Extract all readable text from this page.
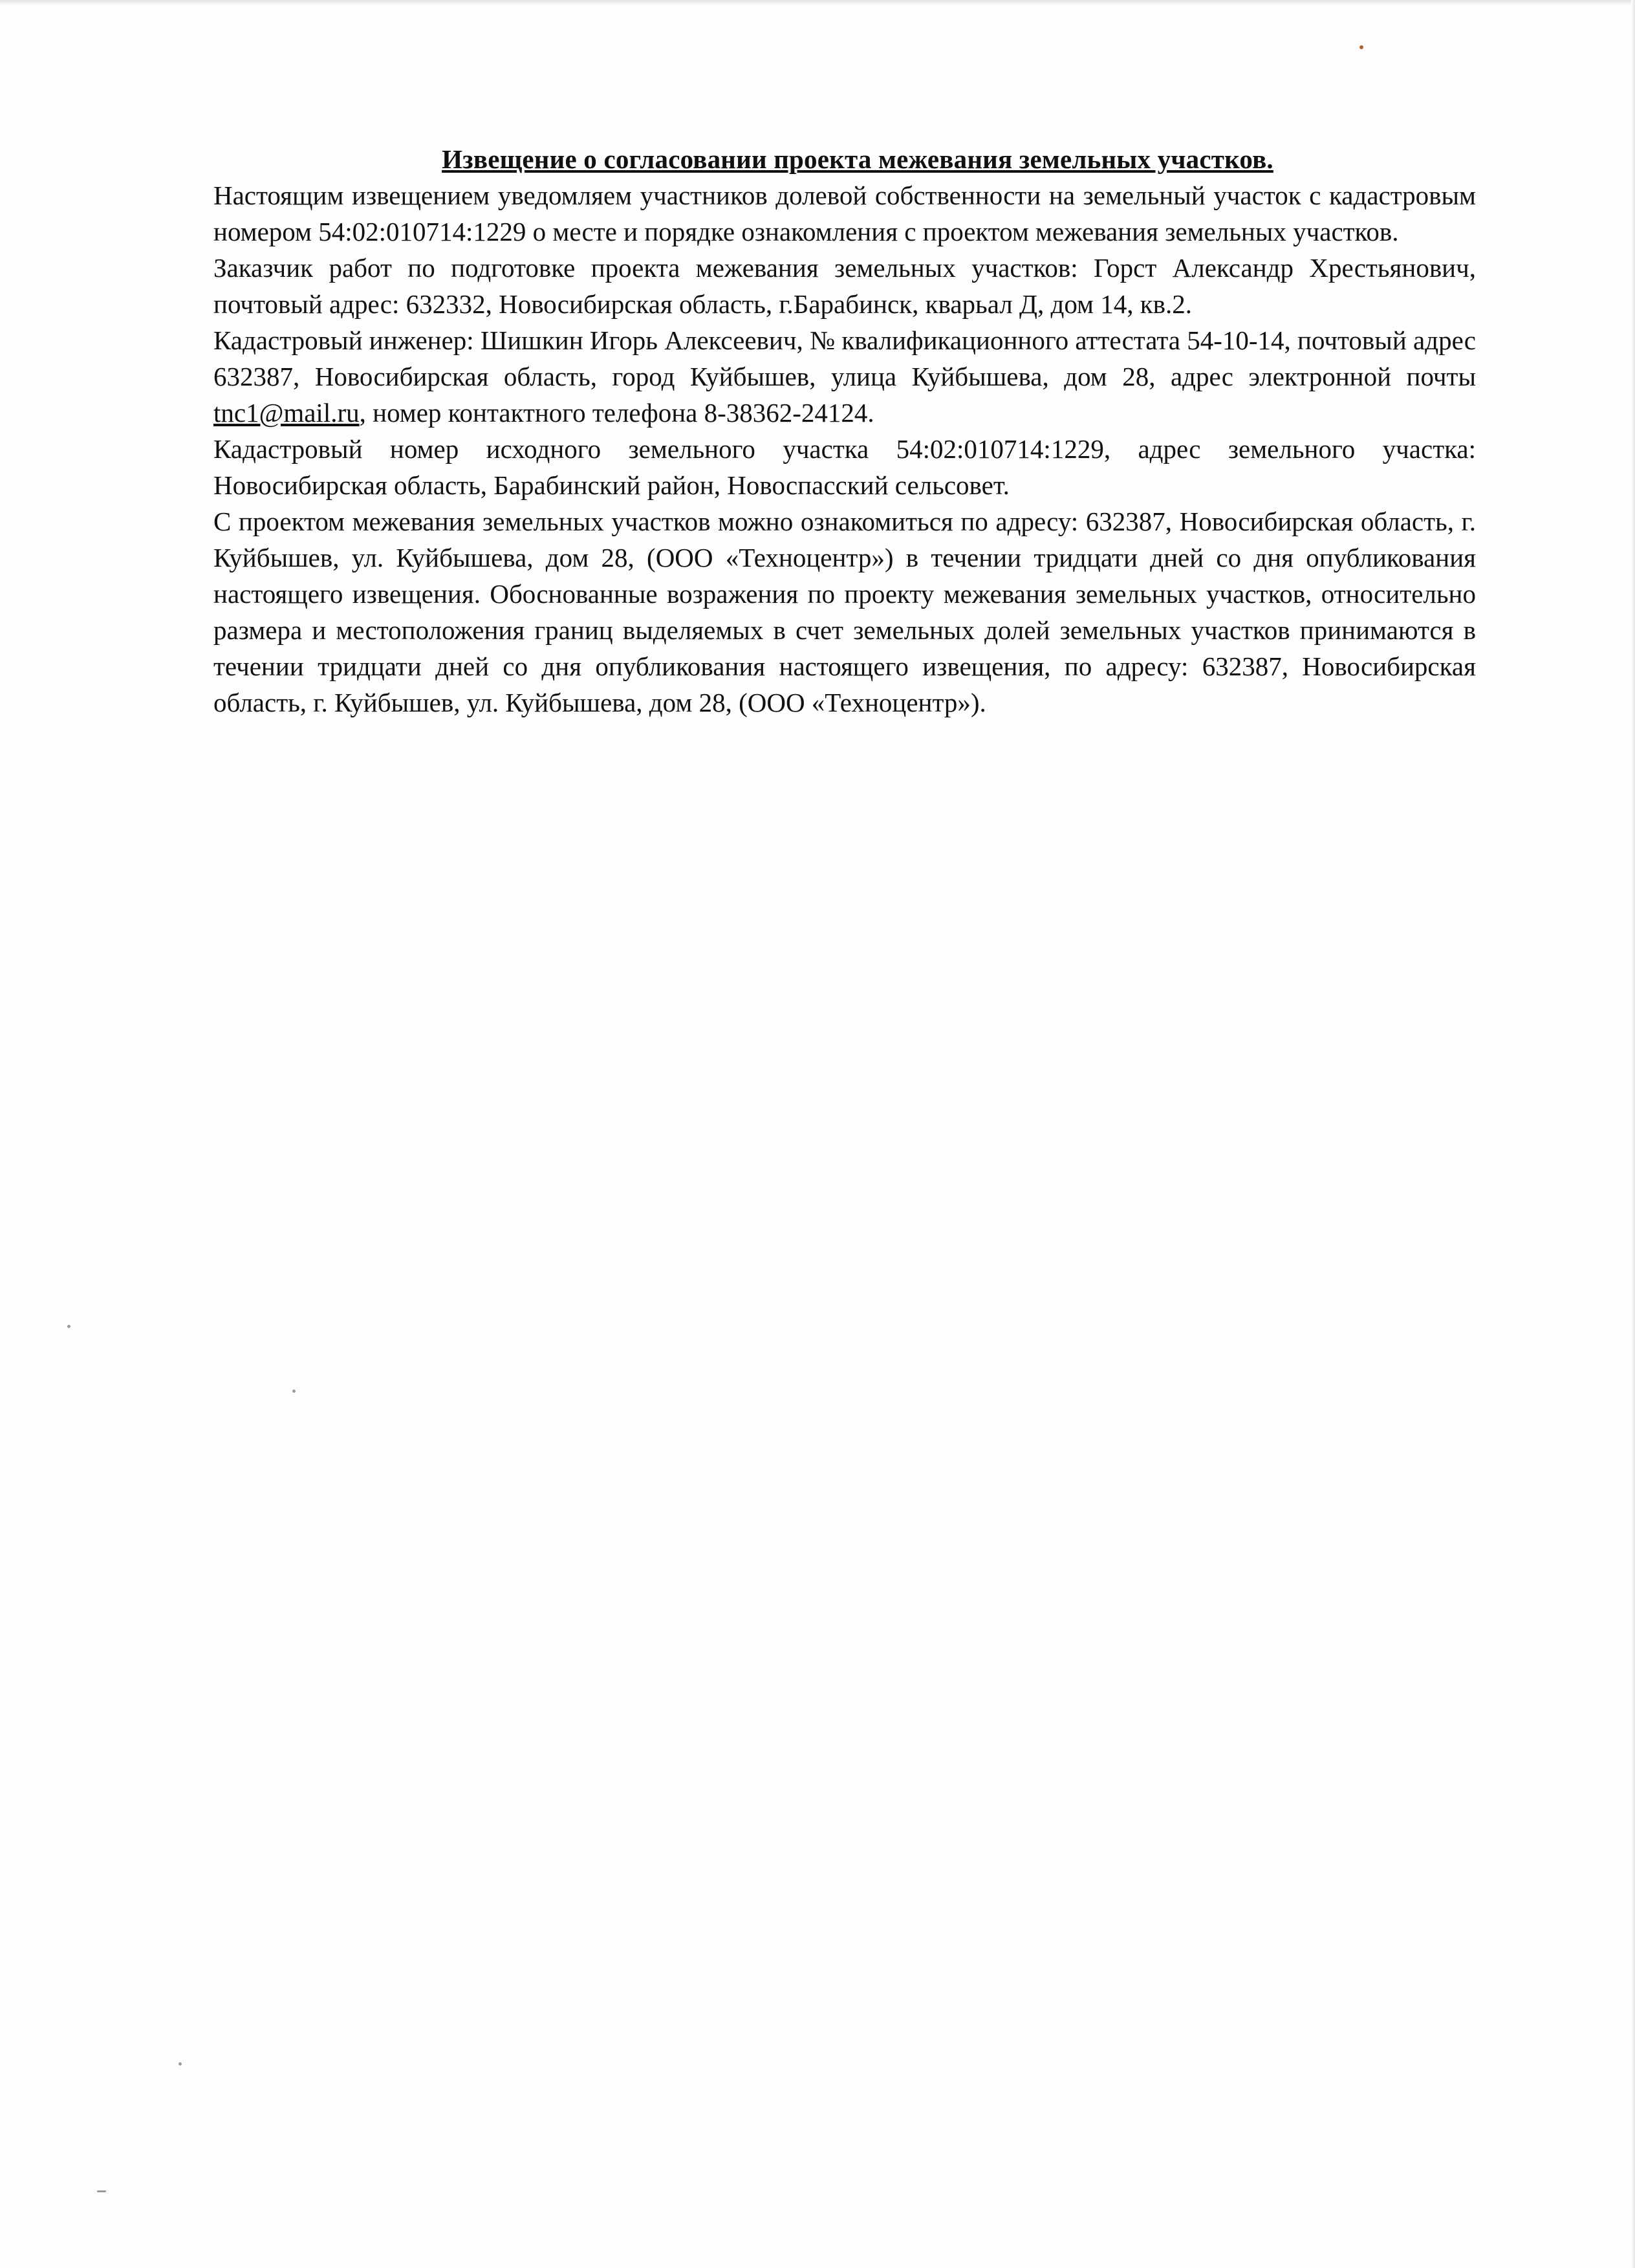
Извещение о согласовании проекта межевания земельных участков.

Настоящим извещением уведомляем участников долевой собственности на земельный участок с кадастровым номером 54:02:010714:1229 о месте и порядке ознакомления с проектом межевания земельных участков.

Заказчик работ по подготовке проекта межевания земельных участков: Горст Александр Хрестьянович, почтовый адрес: 632332, Новосибирская область, г.Барабинск, кварьал Д, дом 14, кв.2.

Кадастровый инженер: Шишкин Игорь Алексеевич, № квалификационного аттестата 54-10-14, почтовый адрес 632387, Новосибирская область, город Куйбышев, улица Куйбышева, дом 28, адрес электронной почты tnc1@mail.ru, номер контактного телефона 8-38362-24124.

Кадастровый номер исходного земельного участка 54:02:010714:1229, адрес земельного участка: Новосибирская область, Барабинский район, Новоспасский сельсовет.

С проектом межевания земельных участков можно ознакомиться по адресу: 632387, Новосибирская область, г. Куйбышев, ул. Куйбышева, дом 28, (ООО «Техноцентр») в течении тридцати дней со дня опубликования настоящего извещения. Обоснованные возражения по проекту межевания земельных участков, относительно размера и местоположения границ выделяемых в счет земельных долей земельных участков принимаются в течении тридцати дней со дня опубликования настоящего извещения, по адресу: 632387, Новосибирская область, г. Куйбышев, ул. Куйбышева, дом 28, (ООО «Техноцентр»).
